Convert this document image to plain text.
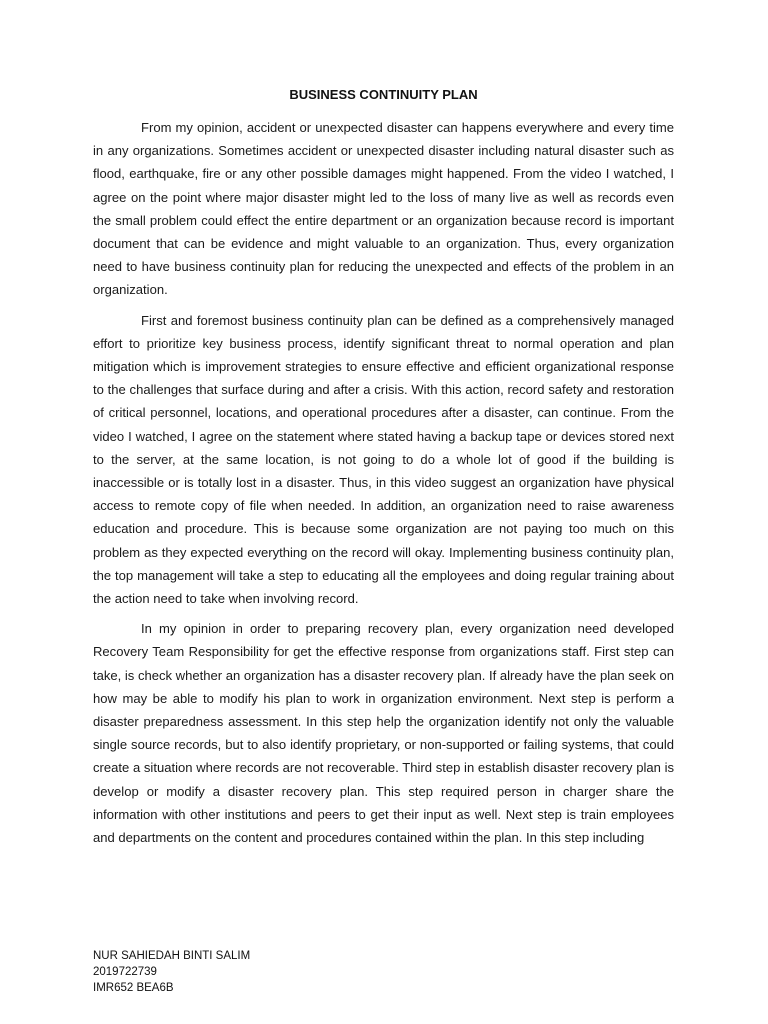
BUSINESS CONTINUITY PLAN

From my opinion, accident or unexpected disaster can happens everywhere and every time in any organizations. Sometimes accident or unexpected disaster including natural disaster such as flood, earthquake, fire or any other possible damages might happened. From the video I watched, I agree on the point where major disaster might led to the loss of many live as well as records even the small problem could effect the entire department or an organization because record is important document that can be evidence and might valuable to an organization. Thus, every organization need to have business continuity plan for reducing the unexpected and effects of the problem in an organization.

First and foremost business continuity plan can be defined as a comprehensively managed effort to prioritize key business process, identify significant threat to normal operation and plan mitigation which is improvement strategies to ensure effective and efficient organizational response to the challenges that surface during and after a crisis. With this action, record safety and restoration of critical personnel, locations, and operational procedures after a disaster, can continue. From the video I watched, I agree on the statement where stated having a backup tape or devices stored next to the server, at the same location, is not going to do a whole lot of good if the building is inaccessible or is totally lost in a disaster. Thus, in this video suggest an organization have physical access to remote copy of file when needed. In addition, an organization need to raise awareness education and procedure. This is because some organization are not paying too much on this problem as they expected everything on the record will okay. Implementing business continuity plan, the top management will take a step to educating all the employees and doing regular training about the action need to take when involving record.

In my opinion in order to preparing recovery plan, every organization need developed Recovery Team Responsibility for get the effective response from organizations staff. First step can take, is check whether an organization has a disaster recovery plan. If already have the plan seek on how may be able to modify his plan to work in organization environment. Next step is perform a disaster preparedness assessment. In this step help the organization identify not only the valuable single source records, but to also identify proprietary, or non-supported or failing systems, that could create a situation where records are not recoverable. Third step in establish disaster recovery plan is develop or modify a disaster recovery plan. This step required person in charger share the information with other institutions and peers to get their input as well. Next step is train employees and departments on the content and procedures contained within the plan. In this step including

NUR SAHIEDAH BINTI SALIM
2019722739
IMR652 BEA6B
